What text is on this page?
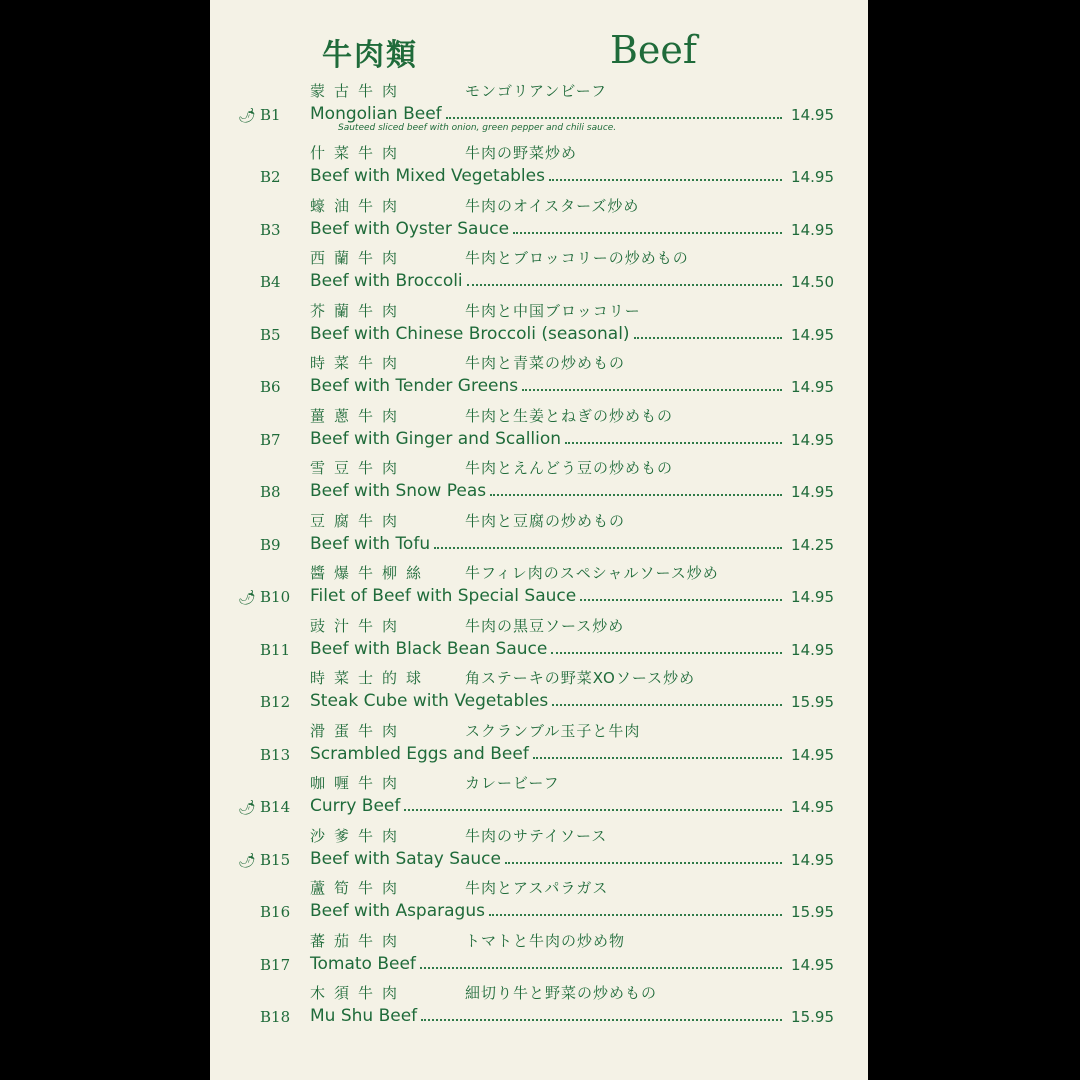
牛肉類	Beef
蒙古牛肉	モンゴリアンビーフ
🌶︎ B1	Mongolian Beef	14.95
什菜牛肉	牛肉の野菜炒め
B2	Beef with Mixed Vegetables	14.95
蠔油牛肉	牛肉のオイスターズ炒め
B3	Beef with Oyster Sauce	14.95
西蘭牛肉	牛肉とブロッコリーの炒めもの
B4	Beef with Broccoli	14.50
芥蘭牛肉	牛肉と中国ブロッコリー
B5	Beef with Chinese Broccoli (seasonal)	14.95
時菜牛肉	牛肉と青菜の炒めもの
B6	Beef with Tender Greens	14.95
薑蔥牛肉	牛肉と生姜とねぎの炒めもの
B7	Beef with Ginger and Scallion	14.95
雪豆牛肉	牛肉とえんどう豆の炒めもの
B8	Beef with Snow Peas	14.95
豆腐牛肉	牛肉と豆腐の炒めもの
B9	Beef with Tofu	14.25
醬爆牛柳絲 牛フィレ肉のスペシャルソース炒め
🌶︎ B10	Filet of Beef with Special Sauce	14.95
豉汁牛肉	牛肉の黒豆ソース炒め
B11	Beef with Black Bean Sauce	14.95
時菜士的球 角ステーキの野菜XOソース炒め
B12	Steak Cube with Vegetables	15.95
滑蛋牛肉	スクランブル玉子と牛肉
B13	Scrambled Eggs and Beef	14.95
咖喱牛肉	カレービーフ
🌶︎ B14	Curry Beef	14.95
沙爹牛肉	牛肉のサテイソース
🌶︎ B15	Beef with Satay Sauce	14.95
蘆筍牛肉	牛肉とアスパラガス
B16	Beef with Asparagus	15.95
蕃茄牛肉	トマトと牛肉の炒め物
B17	Tomato Beef	14.95
木須牛肉	細切り牛と野菜の炒めもの
B18	Mu Shu Beef	15.95
Sauteed sliced beef with onion, green pepper and chili sauce.
